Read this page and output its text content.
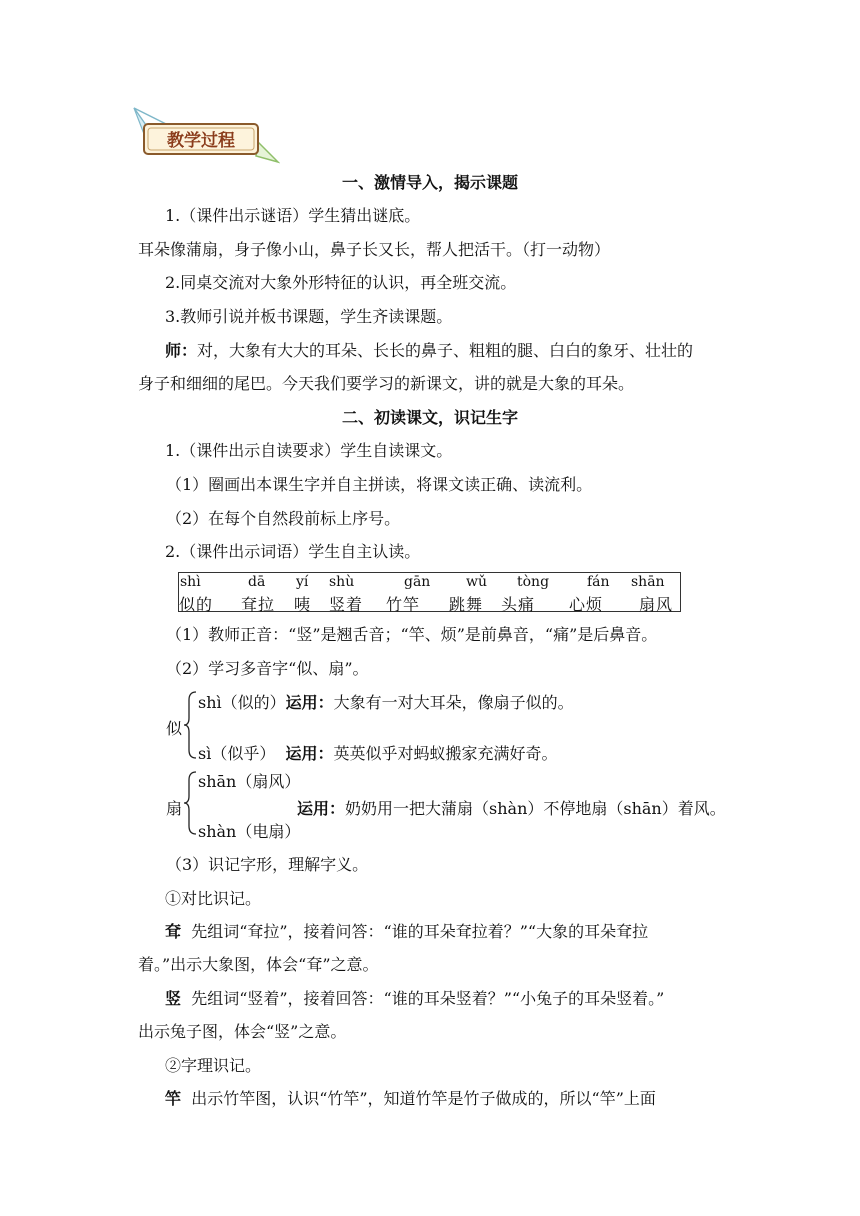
教学过程
一、激情导入，揭示课题
1.（课件出示谜语）学生猜出谜底。
耳朵像蒲扇，身子像小山，鼻子长又长，帮人把活干。（打一动物）
2.同桌交流对大象外形特征的认识，再全班交流。
3.教师引说并板书课题，学生齐读课题。
师：对，大象有大大的耳朵、长长的鼻子、粗粗的腿、白白的象牙、壮壮的
身子和细细的尾巴。今天我们要学习的新课文，讲的就是大象的耳朵。
二、初读课文，识记生字
1.（课件出示自读要求）学生自读课文。
（1）圈画出本课生字并自主拼读，将课文读正确、读流利。
（2）在每个自然段前标上序号。
2.（课件出示词语）学生自主认读。
shì
似的
dā
耷拉
yí
咦
shù
竖着
gān
竹竿
wǔ
跳舞
tòng
头痛
fán
心烦
shān
扇风
（1）教师正音：“竖”是翘舌音；“竿、烦”是前鼻音，“痛”是后鼻音。
（2）学习多音字“似、扇”。
似
shì（似的）运用：大象有一对大耳朵，像扇子似的。
sì（似乎） 运用：英英似乎对蚂蚁搬家充满好奇。
扇
shān（扇风）
运用：奶奶用一把大蒲扇（shàn）不停地扇（shān）着风。
shàn（电扇）
（3）识记字形，理解字义。
①对比识记。
耷 先组词“耷拉”，接着问答：“谁的耳朵耷拉着？”“大象的耳朵耷拉
着。”出示大象图，体会“耷”之意。
竖 先组词“竖着”，接着回答：“谁的耳朵竖着？”“小兔子的耳朵竖着。”
出示兔子图，体会“竖”之意。
②字理识记。
竿 出示竹竿图，认识“竹竿”，知道竹竿是竹子做成的，所以“竿”上面
